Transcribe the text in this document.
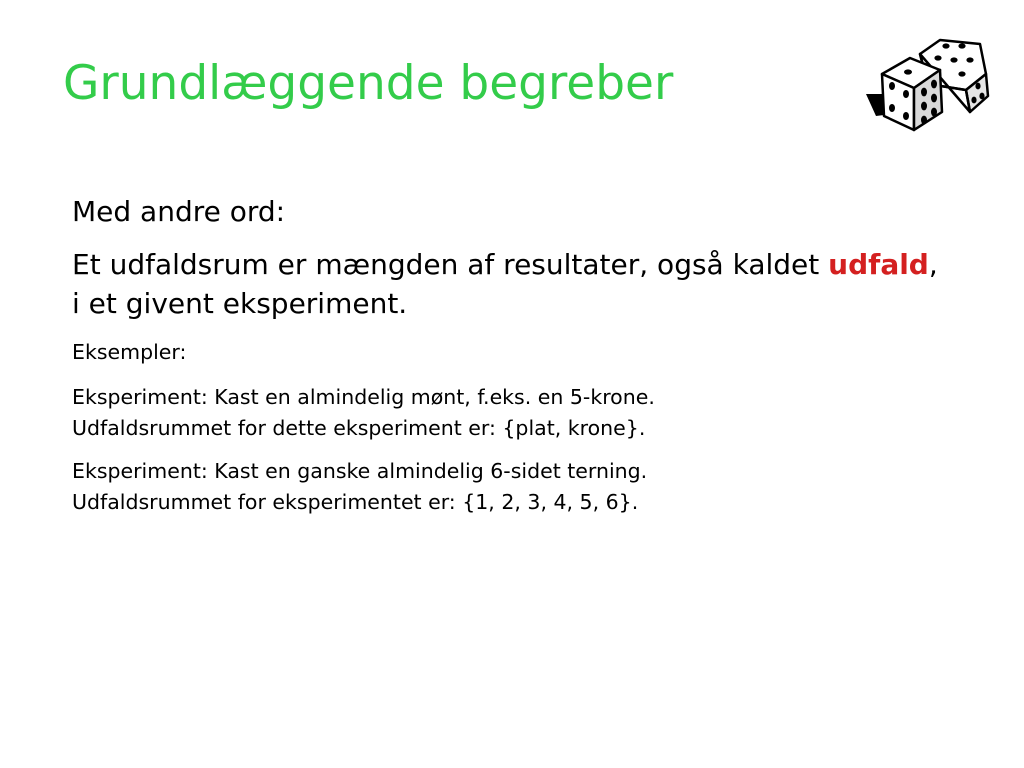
Grundlæggende begreber

Med andre ord:

Et udfaldsrum er mængden af resultater, også kaldet udfald, i et givent eksperiment.

Eksempler:

Eksperiment: Kast en almindelig mønt, f.eks. en 5-krone.
Udfaldsrummet for dette eksperiment er: {plat, krone}.

Eksperiment: Kast en ganske almindelig 6-sidet terning.
Udfaldsrummet for eksperimentet er: {1, 2, 3, 4, 5, 6}.
